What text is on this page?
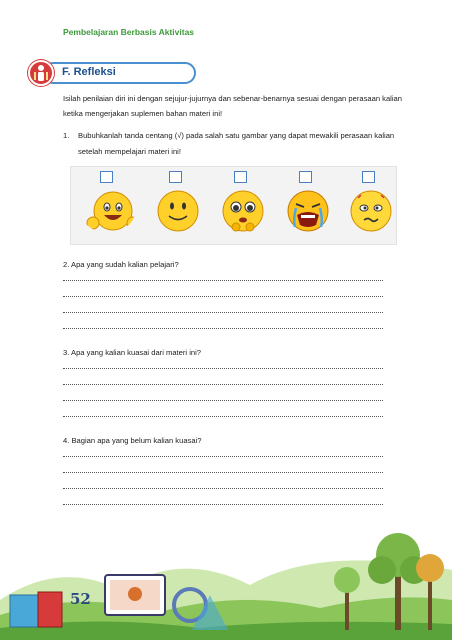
Pembelajaran Berbasis Aktivitas
F. Refleksi
Isilah penilaian diri ini dengan sejujur-jujurnya dan sebenar-benarnya sesuai dengan perasaan kalian ketika mengerjakan suplemen bahan materi ini!
1. Bubuhkanlah tanda centang (√) pada salah satu gambar yang dapat mewakili perasaan kalian setelah mempelajari materi ini!
2. Apa yang sudah kalian pelajari?
3. Apa yang kalian kuasai dari materi ini?
4. Bagian apa yang belum kalian kuasai?
52
